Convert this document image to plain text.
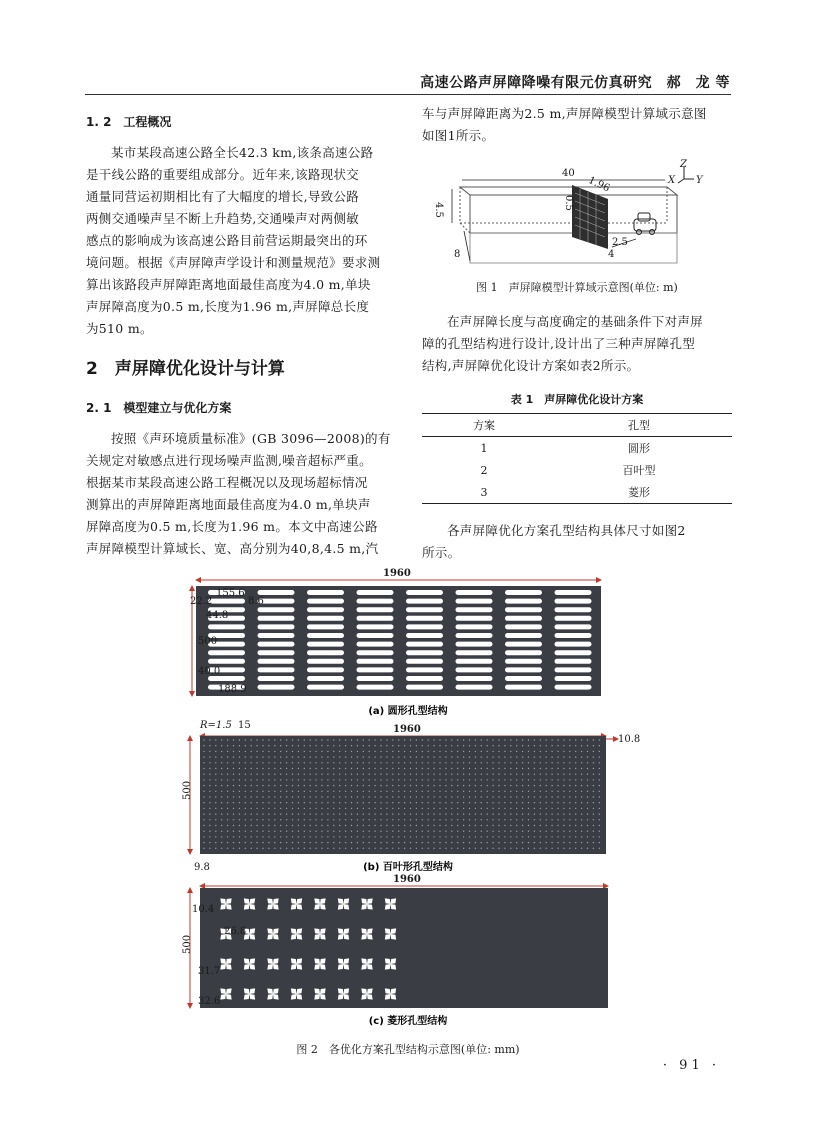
高速公路声屏障降噪有限元仿真研究　郝　龙 等
1. 2　工程概况
某市某段高速公路全长42.3 km,该条高速公路
是干线公路的重要组成部分。近年来,该路现状交
通量同营运初期相比有了大幅度的增长,导致公路
两侧交通噪声呈不断上升趋势,交通噪声对两侧敏
感点的影响成为该高速公路目前营运期最突出的环
境问题。根据《声屏障声学设计和测量规范》要求测
算出该路段声屏障距离地面最佳高度为4.0 m,单块
声屏障高度为0.5 m,长度为1.96 m,声屏障总长度
为510 m。
2　声屏障优化设计与计算
2. 1　模型建立与优化方案
按照《声环境质量标准》(GB 3096—2008)的有
关规定对敏感点进行现场噪声监测,噪音超标严重。
根据某市某段高速公路工程概况以及现场超标情况
测算出的声屏障距离地面最佳高度为4.0 m,单块声
屏障高度为0.5 m,长度为1.96 m。本文中高速公路
声屏障模型计算域长、宽、高分别为40,8,4.5 m,汽
车与声屏障距离为2.5 m,声屏障模型计算域示意图
如图1所示。
40
4.5
8
1.96
0.5
4
2.5
Z
X Y
图 1　声屏障模型计算域示意图(单位: m)
在声屏障长度与高度确定的基础条件下对声屏
障的孔型结构进行设计,设计出了三种声屏障孔型
结构,声屏障优化设计方案如表2所示。
表 1　声屏障优化设计方案
方案	孔型
1	圆形
2	百叶型
3	菱形
各声屏障优化方案孔型结构具体尺寸如图2
所示。
1960
155.6
22.2
44.8
500
40.0
188.9
8.6
(a) 圆形孔型结构
R=1.5 15	1960
500
10.8
9.8	(b) 百叶形孔型结构
1960
500
10.4
26.8
31.7
32.6
(c) 菱形孔型结构
图 2　各优化方案孔型结构示意图(单位: mm)
· 91 ·
